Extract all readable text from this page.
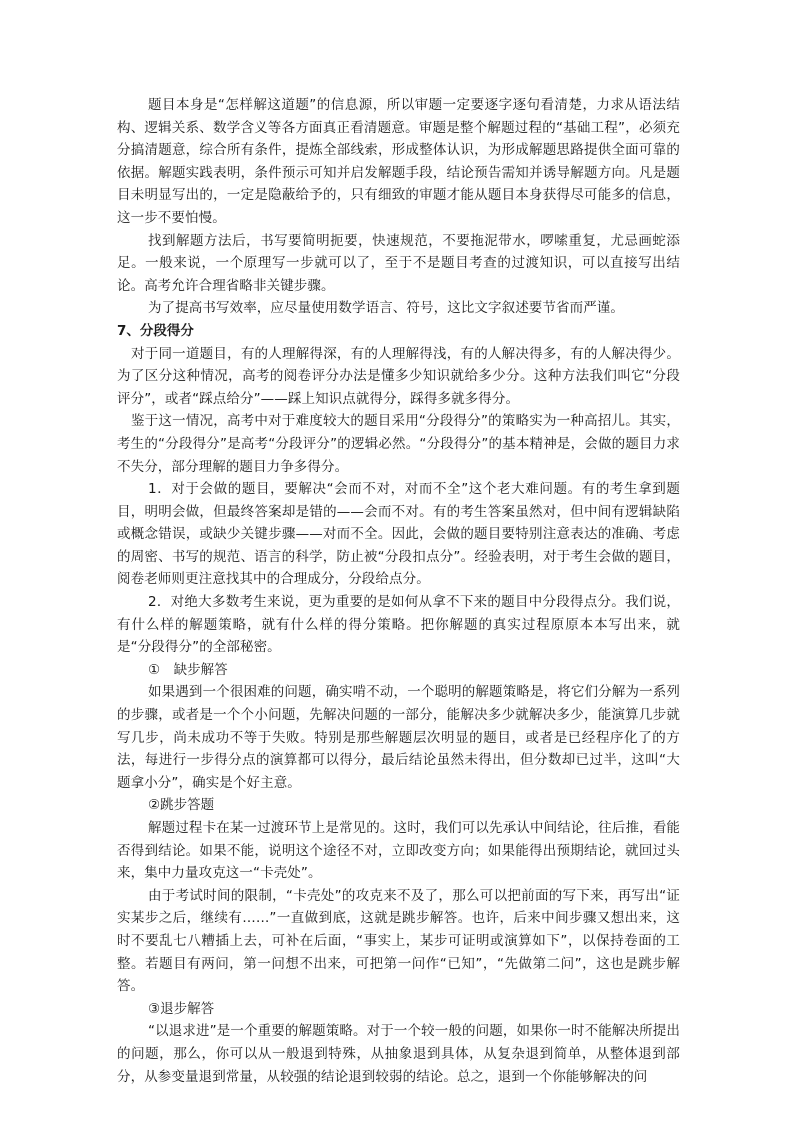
题目本身是“怎样解这道题”的信息源，所以审题一定要逐字逐句看清楚，力求从语法结构、逻辑关系、数学含义等各方面真正看清题意。审题是整个解题过程的“基础工程”，必须充分搞清题意，综合所有条件，提炼全部线索，形成整体认识，为形成解题思路提供全面可靠的依据。解题实践表明，条件预示可知并启发解题手段，结论预告需知并诱导解题方向。凡是题目未明显写出的，一定是隐蔽给予的，只有细致的审题才能从题目本身获得尽可能多的信息，这一步不要怕慢。

找到解题方法后，书写要简明扼要，快速规范，不要拖泥带水，啰嗦重复，尤忌画蛇添足。一般来说，一个原理写一步就可以了，至于不是题目考查的过渡知识，可以直接写出结论。高考允许合理省略非关键步骤。

为了提高书写效率，应尽量使用数学语言、符号，这比文字叙述要节省而严谨。

7、分段得分

对于同一道题目，有的人理解得深，有的人理解得浅，有的人解决得多，有的人解决得少。为了区分这种情况，高考的阅卷评分办法是懂多少知识就给多少分。这种方法我们叫它“分段评分”，或者“踩点给分”——踩上知识点就得分，踩得多就多得分。

鉴于这一情况，高考中对于难度较大的题目采用“分段得分”的策略实为一种高招儿。其实，考生的“分段得分”是高考“分段评分”的逻辑必然。“分段得分”的基本精神是，会做的题目力求不失分，部分理解的题目力争多得分。

1．对于会做的题目，要解决“会而不对，对而不全”这个老大难问题。有的考生拿到题目，明明会做，但最终答案却是错的——会而不对。有的考生答案虽然对，但中间有逻辑缺陷或概念错误，或缺少关键步骤——对而不全。因此，会做的题目要特别注意表达的准确、考虑的周密、书写的规范、语言的科学，防止被“分段扣点分”。经验表明，对于考生会做的题目，阅卷老师则更注意找其中的合理成分，分段给点分。

2．对绝大多数考生来说，更为重要的是如何从拿不下来的题目中分段得点分。我们说，有什么样的解题策略，就有什么样的得分策略。把你解题的真实过程原原本本写出来，就是“分段得分”的全部秘密。

①　缺步解答

如果遇到一个很困难的问题，确实啃不动，一个聪明的解题策略是，将它们分解为一系列的步骤，或者是一个个小问题，先解决问题的一部分，能解决多少就解决多少，能演算几步就写几步，尚未成功不等于失败。特别是那些解题层次明显的题目，或者是已经程序化了的方法，每进行一步得分点的演算都可以得分，最后结论虽然未得出，但分数却已过半，这叫“大题拿小分”，确实是个好主意。

②跳步答题

解题过程卡在某一过渡环节上是常见的。这时，我们可以先承认中间结论，往后推，看能否得到结论。如果不能，说明这个途径不对，立即改变方向；如果能得出预期结论，就回过头来，集中力量攻克这一“卡壳处”。

由于考试时间的限制，“卡壳处”的攻克来不及了，那么可以把前面的写下来，再写出“证实某步之后，继续有……”一直做到底，这就是跳步解答。也许，后来中间步骤又想出来，这时不要乱七八糟插上去，可补在后面，“事实上，某步可证明或演算如下”，以保持卷面的工整。若题目有两问，第一问想不出来，可把第一问作“已知”，“先做第二问”，这也是跳步解答。

③退步解答

“以退求进”是一个重要的解题策略。对于一个较一般的问题，如果你一时不能解决所提出的问题，那么，你可以从一般退到特殊，从抽象退到具体，从复杂退到简单，从整体退到部分，从参变量退到常量，从较强的结论退到较弱的结论。总之，退到一个你能够解决的问
